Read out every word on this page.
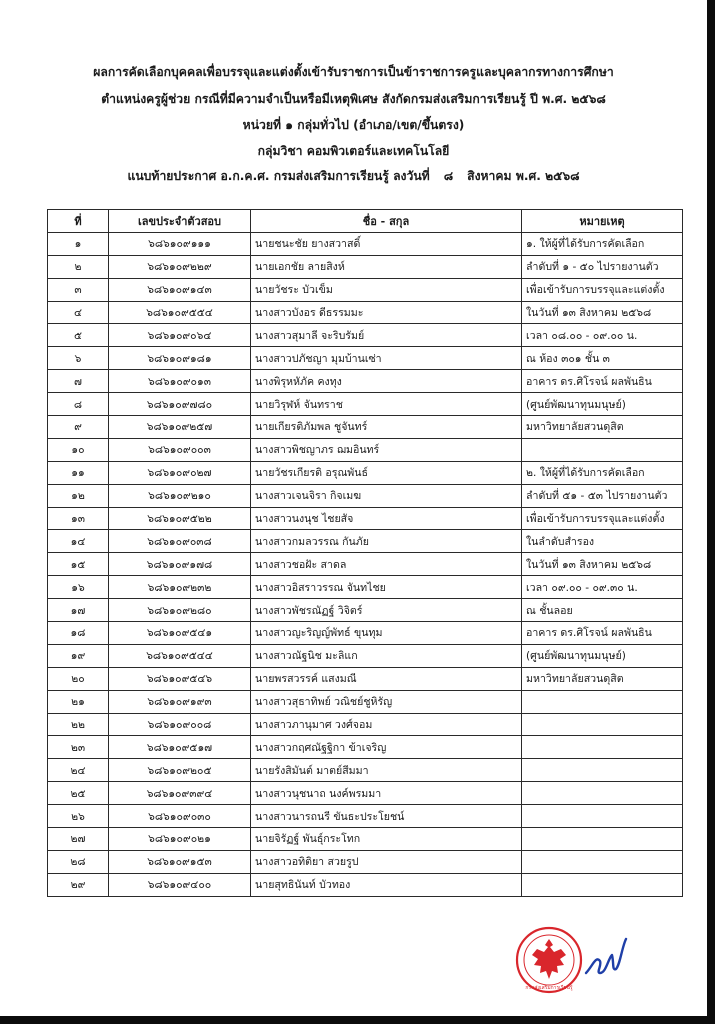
ผลการคัดเลือกบุคคลเพื่อบรรจุและแต่งตั้งเข้ารับราชการเป็นข้าราชการครูและบุคลากรทางการศึกษา
ตำแหน่งครูผู้ช่วย กรณีที่มีความจำเป็นหรือมีเหตุพิเศษ สังกัดกรมส่งเสริมการเรียนรู้ ปี พ.ศ. ๒๕๖๘
หน่วยที่ ๑ กลุ่มทั่วไป (อำเภอ/เขต/ขึ้นตรง)
กลุ่มวิชา คอมพิวเตอร์และเทคโนโลยี
แนบท้ายประกาศ อ.ก.ค.ศ. กรมส่งเสริมการเรียนรู้ ลงวันที่ ๘ สิงหาคม พ.ศ. ๒๕๖๘
ที่	เลขประจำตัวสอบ	ชื่อ - สกุล	หมายเหตุ
๑	๖๘๖๑๐๙๑๑๑	นายชนะชัย ยางสวาสดิ์	๑. ให้ผู้ที่ได้รับการคัดเลือก
๒	๖๘๖๑๐๙๒๒๙	นายเอกชัย ลายสิงห์	ลำดับที่ ๑ - ๕๐ ไปรายงานตัว
๓	๖๘๖๑๐๙๑๔๓	นายวัชระ บัวเข็ม	เพื่อเข้ารับการบรรจุและแต่งตั้ง
๔	๖๘๖๑๐๙๕๕๔	นางสาวบังอร ดีธรรมมะ	ในวันที่ ๑๓ สิงหาคม ๒๕๖๘
๕	๖๘๖๑๐๙๐๖๔	นางสาวสุมาลี จะริบรัมย์	เวลา ๐๘.๐๐ - ๐๙.๐๐ น.
๖	๖๘๖๑๐๙๑๘๑	นางสาวปภัชญา มุมบ้านเซ่า	ณ ห้อง ๓๐๑ ชั้น ๓
๗	๖๘๖๑๐๙๐๑๓	นางพิรุหหัภัค คงทุง	อาคาร ดร.ศิโรจน์ ผลพันธิน
๘	๖๘๖๑๐๙๗๘๐	นายวิรุฬห์ จันทราช	(ศูนย์พัฒนาทุนมนุษย์)
๙	๖๘๖๑๐๙๒๕๗	นายเกียรติภัมพล ชูจันทร์	มหาวิทยาลัยสวนดุสิต
๑๐	๖๘๖๑๐๙๐๐๓	นางสาวพิชญาภร ฌมอินทร์	
๑๑	๖๘๖๑๐๙๐๒๗	นายวัชรเกียรติ อรุณพันธ์	๒. ให้ผู้ที่ได้รับการคัดเลือก
๑๒	๖๘๖๑๐๙๒๑๐	นางสาวเจนจิรา กิจเมฆ	ลำดับที่ ๕๑ - ๕๓ ไปรายงานตัว
๑๓	๖๘๖๑๐๙๕๒๒	นางสาวนงนุช ไชยสัจ	เพื่อเข้ารับการบรรจุและแต่งตั้ง
๑๔	๖๘๖๑๐๙๐๓๘	นางสาวกมลวรรณ กันภัย	ในลำดับสำรอง
๑๕	๖๘๖๑๐๙๑๗๘	นางสาวชอฝัะ สาดล	ในวันที่ ๑๓ สิงหาคม ๒๕๖๘
๑๖	๖๘๖๑๐๙๒๓๒	นางสาวอิสราวรรณ จันทไชย	เวลา ๐๙.๐๐ - ๐๙.๓๐ น.
๑๗	๖๘๖๑๐๙๒๘๐	นางสาวพัชรณัฏฐ์ วิจิตร์	ณ ชั้นลอย
๑๘	๖๘๖๑๐๙๕๔๑	นางสาวญะริญญ์พัทธ์ ขุนทุม	อาคาร ดร.ศิโรจน์ ผลพันธิน
๑๙	๖๘๖๑๐๙๕๔๔	นางสาวณัฐนิช มะลิแก	(ศูนย์พัฒนาทุนมนุษย์)
๒๐	๖๘๖๑๐๙๕๔๖	นายพรสวรรค์ แสงมณี	มหาวิทยาลัยสวนดุสิต
๒๑	๖๘๖๑๐๙๑๙๓	นางสาวสุธาทิพย์ วณิชย์ชูหิรัญ	
๒๒	๖๘๖๑๐๙๐๐๘	นางสาวภานุมาศ วงศ์จอม	
๒๓	๖๘๖๑๐๙๕๑๗	นางสาวกฤศณัฐฐิกา ข้าเจริญ	
๒๔	๖๘๖๑๐๙๒๐๕	นายรังสิมันต์ มาตย์สีมมา	
๒๕	๖๘๖๑๐๙๓๙๔	นางสาวนุชนาถ นงค์พรมมา	
๒๖	๖๘๖๑๐๙๐๓๐	นางสาวนารถนรี ขันธะประโยชน์	
๒๗	๖๘๖๑๐๙๐๒๑	นายจิรัฏฐ์ พันธุ์กระโทก	
๒๘	๖๘๖๑๐๙๑๕๓	นางสาวอทิติยา สวยรูป	
๒๙	๖๘๖๑๐๙๔๐๐	นายสุทธินันท์ บัวทอง	
กรมส่งเสริมการเรียนรู้
